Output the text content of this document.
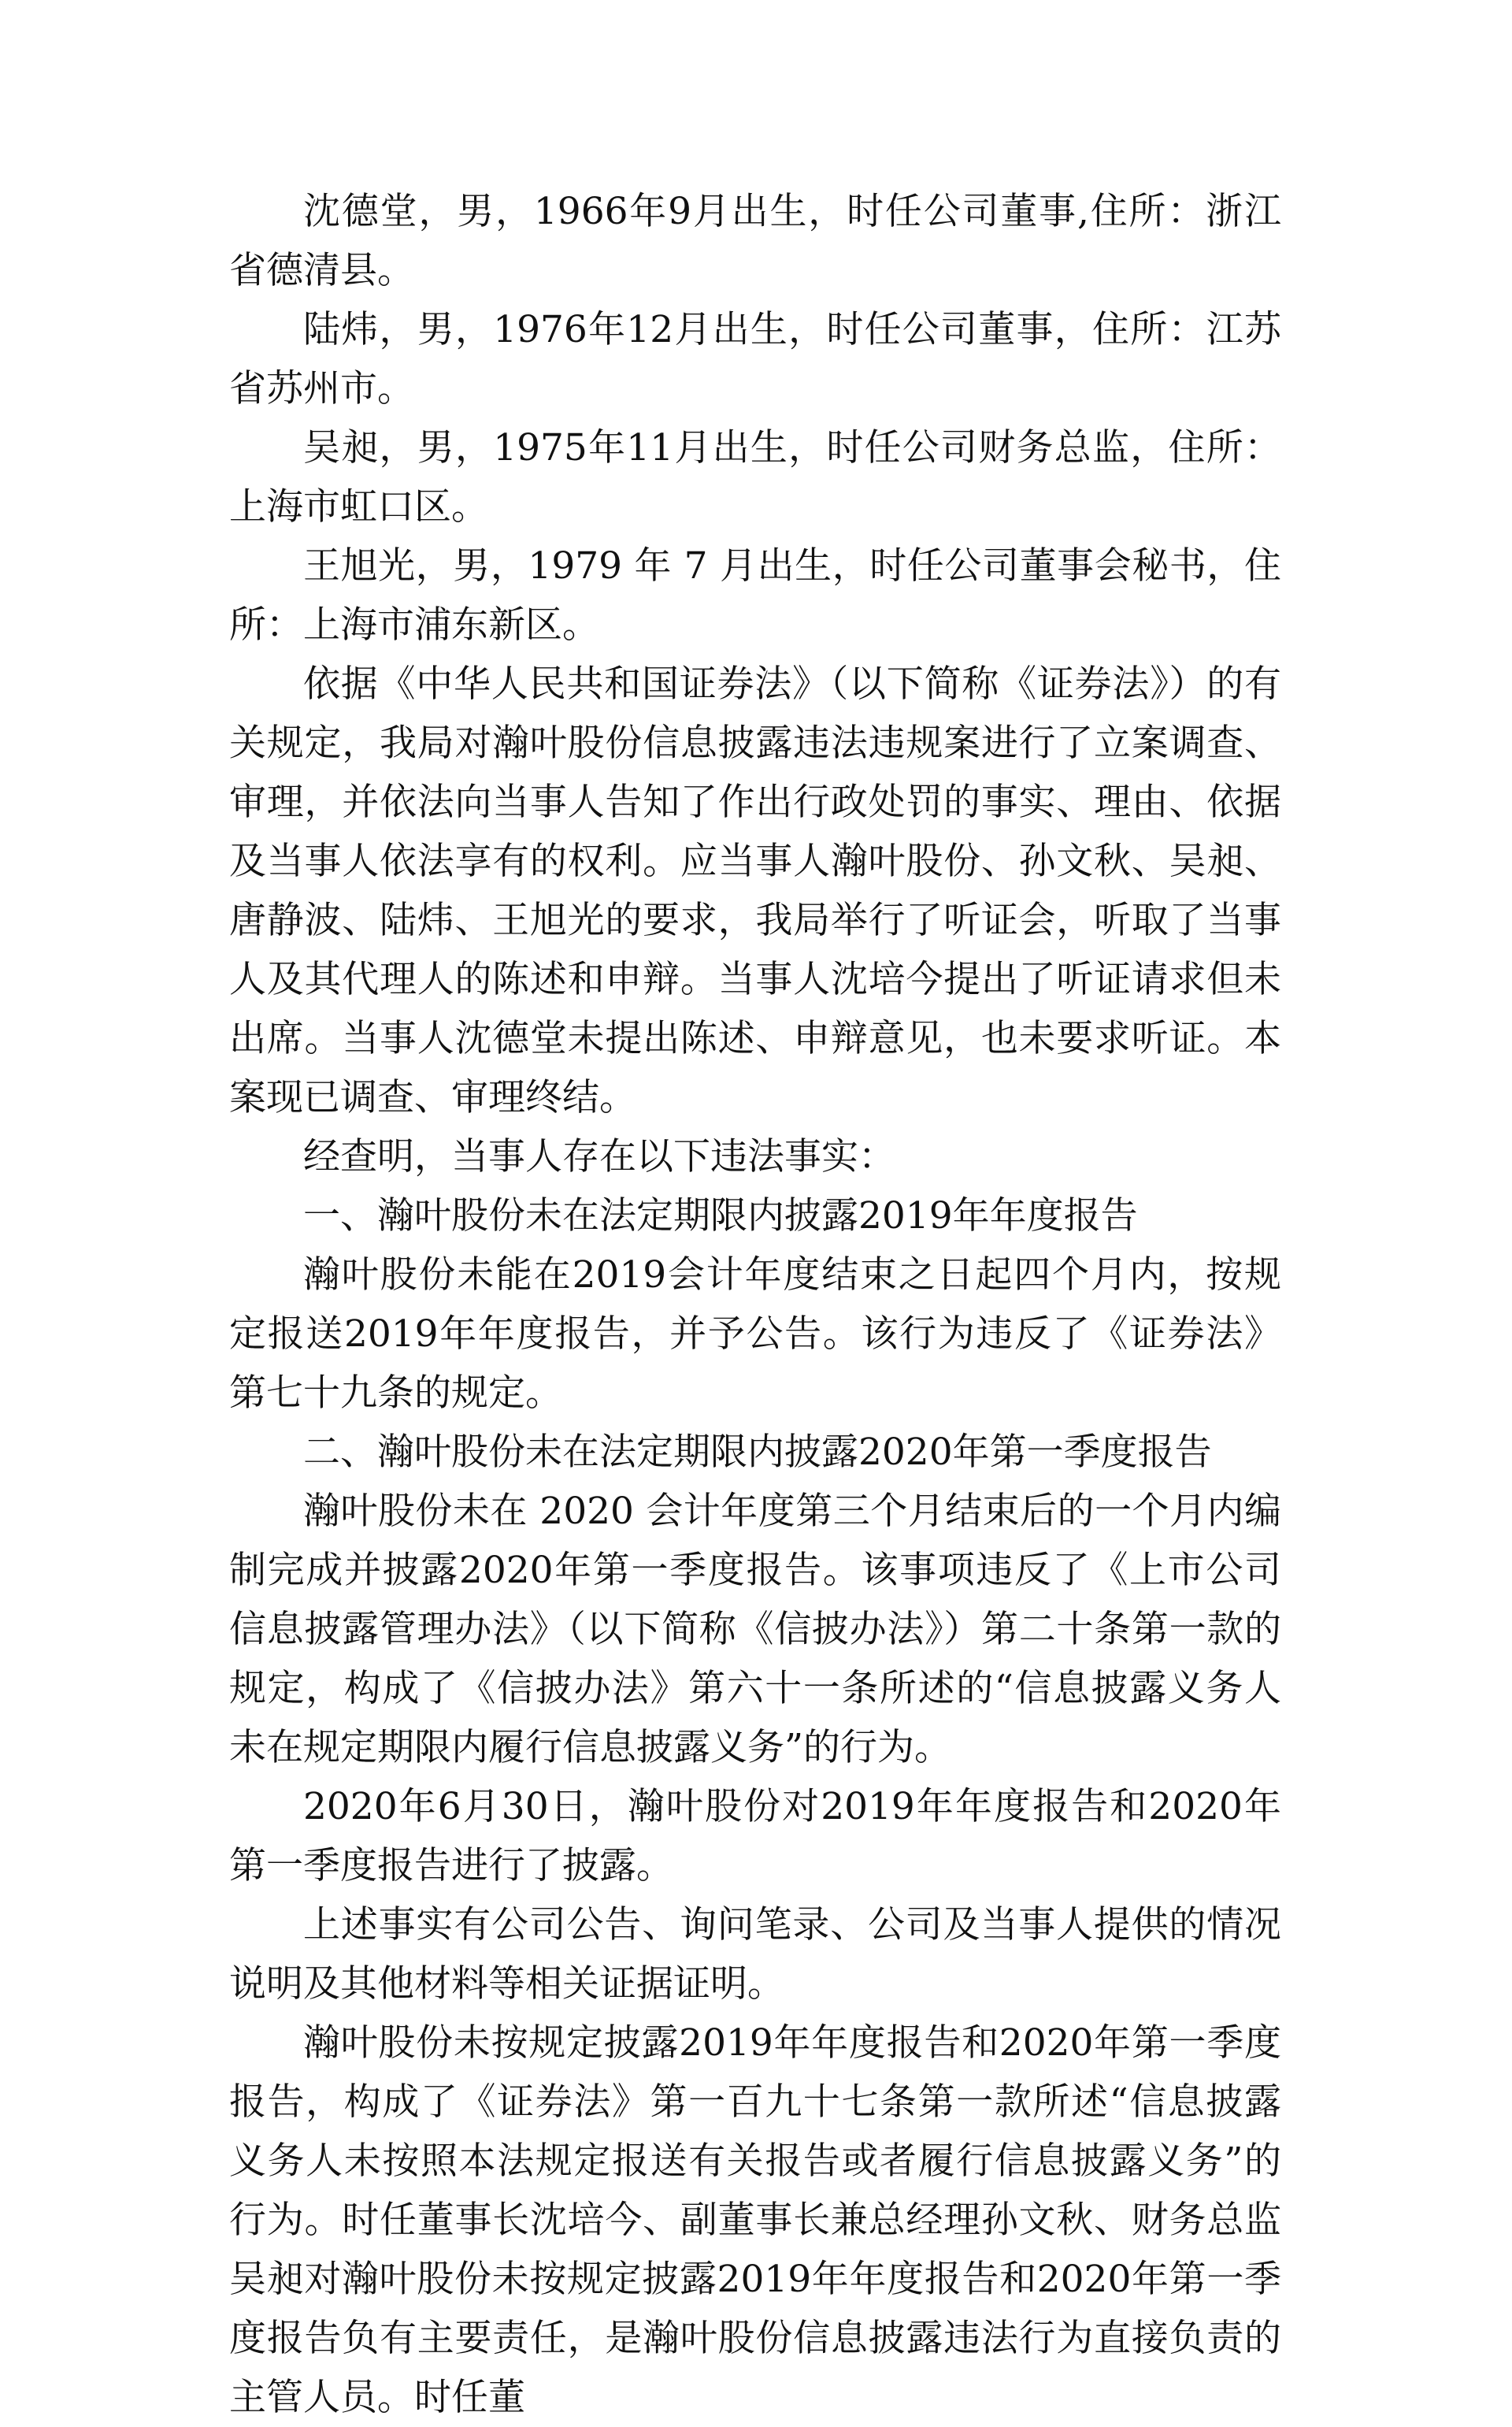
沈德堂，男，1966年9月出生，时任公司董事,住所：浙江省德清县。

陆炜，男，1976年12月出生，时任公司董事，住所：江苏省苏州市。

吴昶，男，1975年11月出生，时任公司财务总监，住所：上海市虹口区。

王旭光，男，1979 年 7 月出生，时任公司董事会秘书，住所：上海市浦东新区。

依据《中华人民共和国证券法》（以下简称《证券法》）的有关规定，我局对瀚叶股份信息披露违法违规案进行了立案调查、审理，并依法向当事人告知了作出行政处罚的事实、理由、依据及当事人依法享有的权利。应当事人瀚叶股份、孙文秋、吴昶、唐静波、陆炜、王旭光的要求，我局举行了听证会，听取了当事人及其代理人的陈述和申辩。当事人沈培今提出了听证请求但未出席。当事人沈德堂未提出陈述、申辩意见，也未要求听证。本案现已调查、审理终结。

经查明，当事人存在以下违法事实：

一、瀚叶股份未在法定期限内披露2019年年度报告

瀚叶股份未能在2019会计年度结束之日起四个月内，按规定报送2019年年度报告，并予公告。该行为违反了《证券法》第七十九条的规定。

二、瀚叶股份未在法定期限内披露2020年第一季度报告

瀚叶股份未在 2020 会计年度第三个月结束后的一个月内编制完成并披露2020年第一季度报告。该事项违反了《上市公司信息披露管理办法》（以下简称《信披办法》）第二十条第一款的规定，构成了《信披办法》第六十一条所述的“信息披露义务人未在规定期限内履行信息披露义务”的行为。

2020年6月30日，瀚叶股份对2019年年度报告和2020年第一季度报告进行了披露。

上述事实有公司公告、询问笔录、公司及当事人提供的情况说明及其他材料等相关证据证明。

瀚叶股份未按规定披露2019年年度报告和2020年第一季度报告，构成了《证券法》第一百九十七条第一款所述“信息披露义务人未按照本法规定报送有关报告或者履行信息披露义务”的行为。时任董事长沈培今、副董事长兼总经理孙文秋、财务总监吴昶对瀚叶股份未按规定披露2019年年度报告和2020年第一季度报告负有主要责任，是瀚叶股份信息披露违法行为直接负责的主管人员。时任董
